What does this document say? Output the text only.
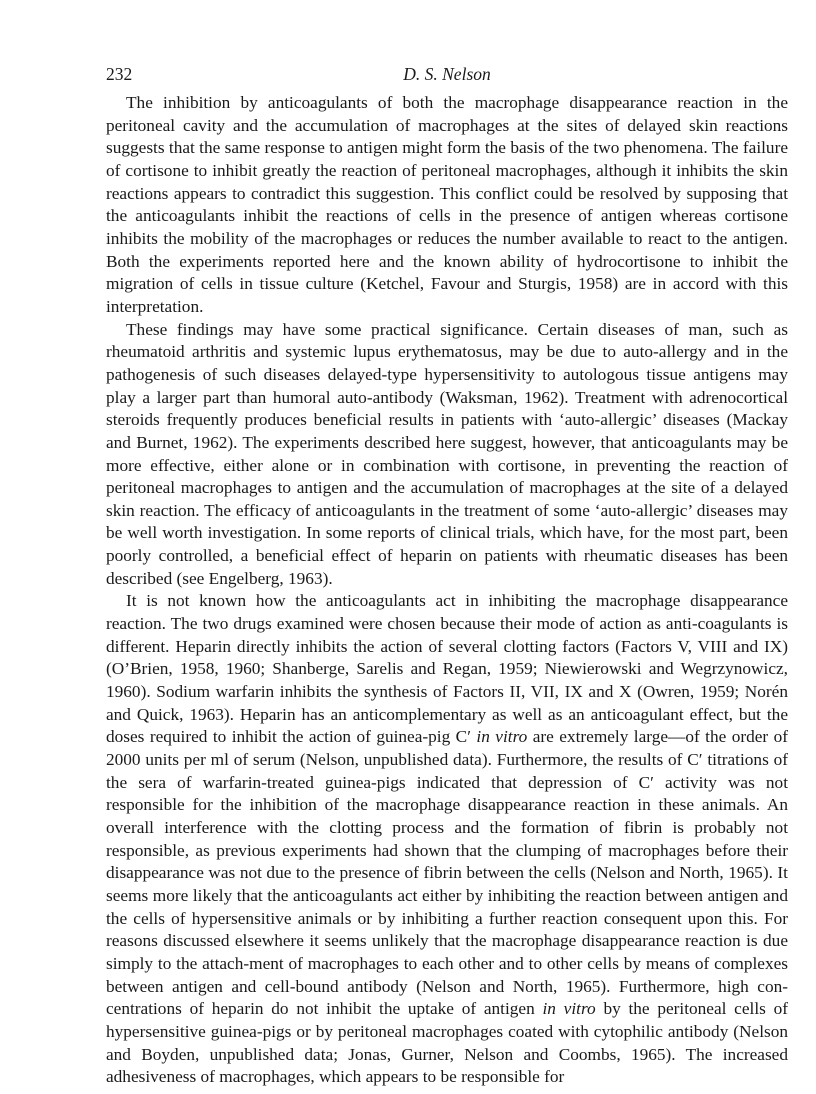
232	D. S. Nelson

The inhibition by anticoagulants of both the macrophage disappearance reaction in the peritoneal cavity and the accumulation of macrophages at the sites of delayed skin reactions suggests that the same response to antigen might form the basis of the two phenomena. The failure of cortisone to inhibit greatly the reaction of peritoneal macrophages, although it inhibits the skin reactions appears to contradict this suggestion. This conflict could be resolved by supposing that the anticoagulants inhibit the reactions of cells in the presence of antigen whereas cortisone inhibits the mobility of the macrophages or reduces the number available to react to the antigen. Both the experiments reported here and the known ability of hydrocortisone to inhibit the migration of cells in tissue culture (Ketchel, Favour and Sturgis, 1958) are in accord with this interpretation.

These findings may have some practical significance. Certain diseases of man, such as rheumatoid arthritis and systemic lupus erythematosus, may be due to auto-allergy and in the pathogenesis of such diseases delayed-type hypersensitivity to autologous tissue antigens may play a larger part than humoral auto-antibody (Waksman, 1962). Treatment with adrenocortical steroids frequently produces beneficial results in patients with ‘auto-allergic’ diseases (Mackay and Burnet, 1962). The experiments described here suggest, however, that anticoagulants may be more effective, either alone or in combination with cortisone, in preventing the reaction of peritoneal macrophages to antigen and the accumulation of macrophages at the site of a delayed skin reaction. The efficacy of anticoagulants in the treatment of some ‘auto-allergic’ diseases may be well worth investigation. In some reports of clinical trials, which have, for the most part, been poorly controlled, a beneficial effect of heparin on patients with rheumatic diseases has been described (see Engelberg, 1963).

It is not known how the anticoagulants act in inhibiting the macrophage disappearance reaction. The two drugs examined were chosen because their mode of action as anti-coagulants is different. Heparin directly inhibits the action of several clotting factors (Factors V, VIII and IX) (O’Brien, 1958, 1960; Shanberge, Sarelis and Regan, 1959; Niewierowski and Wegrzynowicz, 1960). Sodium warfarin inhibits the synthesis of Factors II, VII, IX and X (Owren, 1959; Norén and Quick, 1963). Heparin has an anticomplementary as well as an anticoagulant effect, but the doses required to inhibit the action of guinea-pig C′ in vitro are extremely large—of the order of 2000 units per ml of serum (Nelson, unpublished data). Furthermore, the results of C′ titrations of the sera of warfarin-treated guinea-pigs indicated that depression of C′ activity was not responsible for the inhibition of the macrophage disappearance reaction in these animals. An overall interference with the clotting process and the formation of fibrin is probably not responsible, as previous experiments had shown that the clumping of macrophages before their disappearance was not due to the presence of fibrin between the cells (Nelson and North, 1965). It seems more likely that the anticoagulants act either by inhibiting the reaction between antigen and the cells of hypersensitive animals or by inhibiting a further reaction consequent upon this. For reasons discussed elsewhere it seems unlikely that the macrophage disappearance reaction is due simply to the attach-ment of macrophages to each other and to other cells by means of complexes between antigen and cell-bound antibody (Nelson and North, 1965). Furthermore, high con-centrations of heparin do not inhibit the uptake of antigen in vitro by the peritoneal cells of hypersensitive guinea-pigs or by peritoneal macrophages coated with cytophilic antibody (Nelson and Boyden, unpublished data; Jonas, Gurner, Nelson and Coombs, 1965). The increased adhesiveness of macrophages, which appears to be responsible for
